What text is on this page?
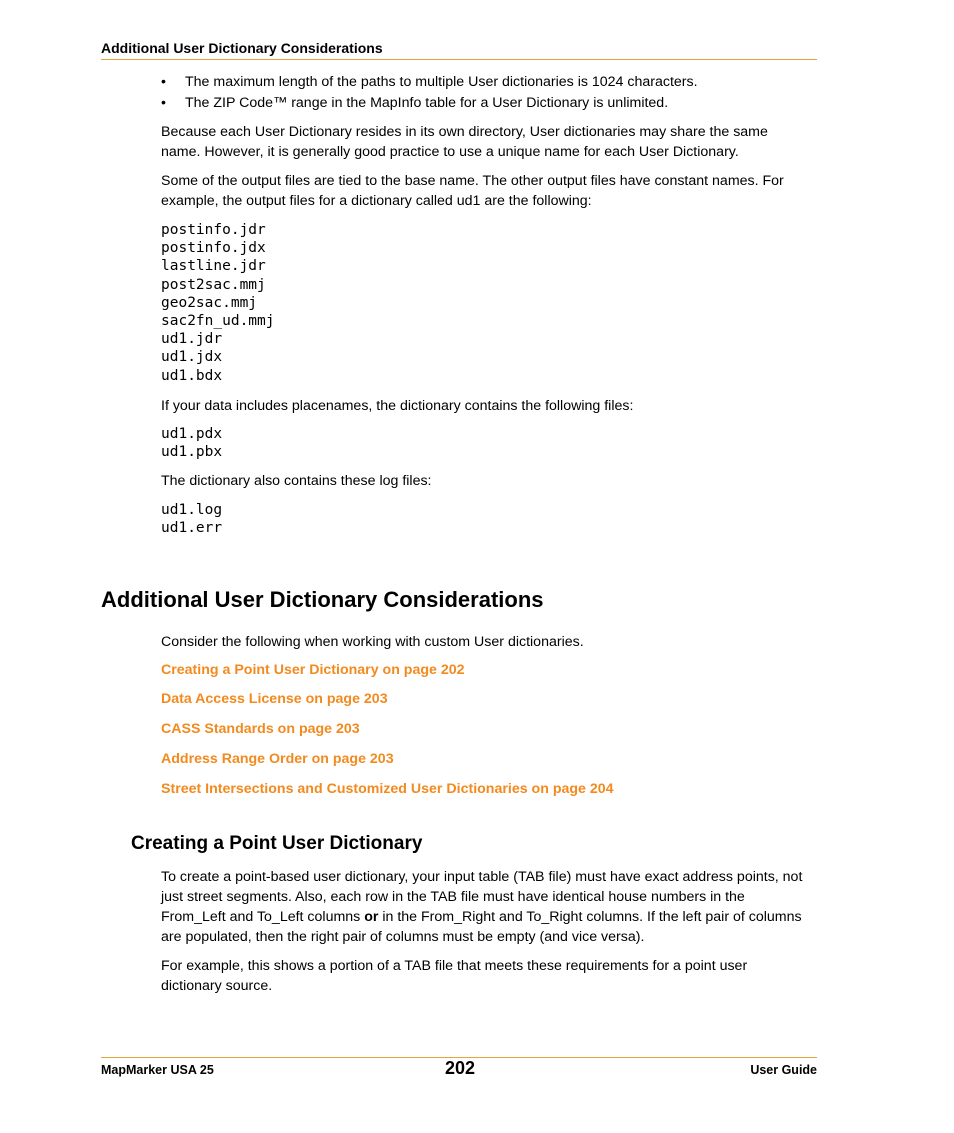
Additional User Dictionary Considerations
• The maximum length of the paths to multiple User dictionaries is 1024 characters.
• The ZIP Code™ range in the MapInfo table for a User Dictionary is unlimited.

Because each User Dictionary resides in its own directory, User dictionaries may share the same name. However, it is generally good practice to use a unique name for each User Dictionary.

Some of the output files are tied to the base name. The other output files have constant names. For example, the output files for a dictionary called ud1 are the following:

postinfo.jdr
postinfo.jdx
lastline.jdr
post2sac.mmj
geo2sac.mmj
sac2fn_ud.mmj
ud1.jdr
ud1.jdx
ud1.bdx

If your data includes placenames, the dictionary contains the following files:

ud1.pdx
ud1.pbx

The dictionary also contains these log files:

ud1.log
ud1.err
Additional User Dictionary Considerations

Consider the following when working with custom User dictionaries.

Creating a Point User Dictionary on page 202
Data Access License on page 203
CASS Standards on page 203
Address Range Order on page 203
Street Intersections and Customized User Dictionaries on page 204
Creating a Point User Dictionary

To create a point-based user dictionary, your input table (TAB file) must have exact address points, not just street segments. Also, each row in the TAB file must have identical house numbers in the From_Left and To_Left columns or in the From_Right and To_Right columns. If the left pair of columns are populated, then the right pair of columns must be empty (and vice versa).

For example, this shows a portion of a TAB file that meets these requirements for a point user dictionary source.

MapMarker USA 25	202	User Guide
